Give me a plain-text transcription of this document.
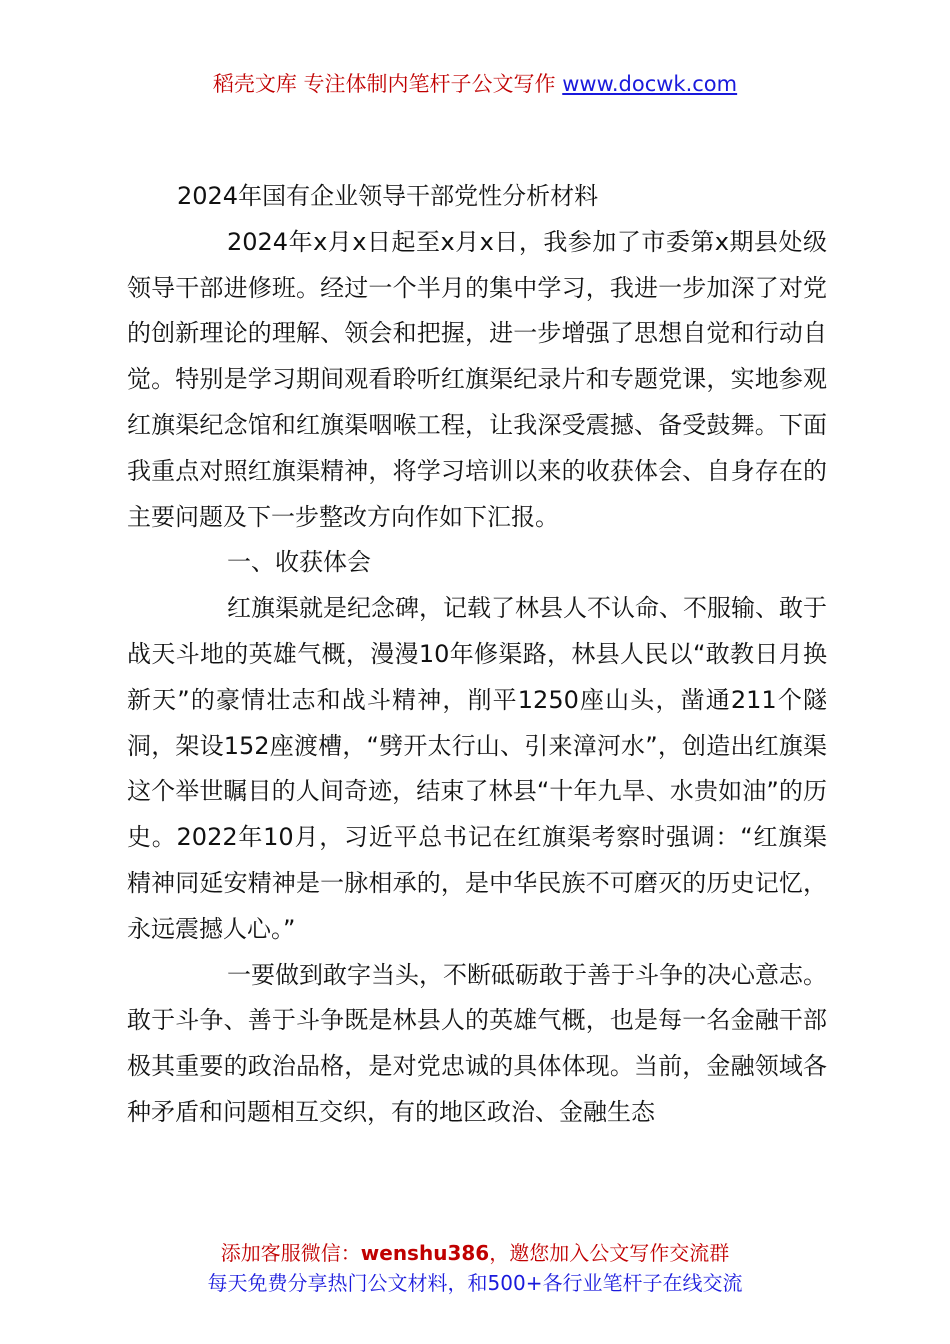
稻壳文库 专注体制内笔杆子公文写作 www.docwk.com

2024年国有企业领导干部党性分析材料

2024年x月x日起至x月x日，我参加了市委第x期县处级领导干部进修班。经过一个半月的集中学习，我进一步加深了对党的创新理论的理解、领会和把握，进一步增强了思想自觉和行动自觉。特别是学习期间观看聆听红旗渠纪录片和专题党课，实地参观红旗渠纪念馆和红旗渠咽喉工程，让我深受震撼、备受鼓舞。下面我重点对照红旗渠精神，将学习培训以来的收获体会、自身存在的主要问题及下一步整改方向作如下汇报。

一、收获体会

红旗渠就是纪念碑，记载了林县人不认命、不服输、敢于战天斗地的英雄气概，漫漫10年修渠路，林县人民以“敢教日月换新天”的豪情壮志和战斗精神，削平1250座山头，凿通211个隧洞，架设152座渡槽，“劈开太行山、引来漳河水”，创造出红旗渠这个举世瞩目的人间奇迹，结束了林县“十年九旱、水贵如油”的历史。2022年10月，习近平总书记在红旗渠考察时强调：“红旗渠精神同延安精神是一脉相承的，是中华民族不可磨灭的历史记忆，永远震撼人心。”

一要做到敢字当头，不断砥砺敢于善于斗争的决心意志。敢于斗争、善于斗争既是林县人的英雄气概，也是每一名金融干部极其重要的政治品格，是对党忠诚的具体体现。当前，金融领域各种矛盾和问题相互交织，有的地区政治、金融生态

添加客服微信：wenshu386，邀您加入公文写作交流群
每天免费分享热门公文材料，和500+各行业笔杆子在线交流
